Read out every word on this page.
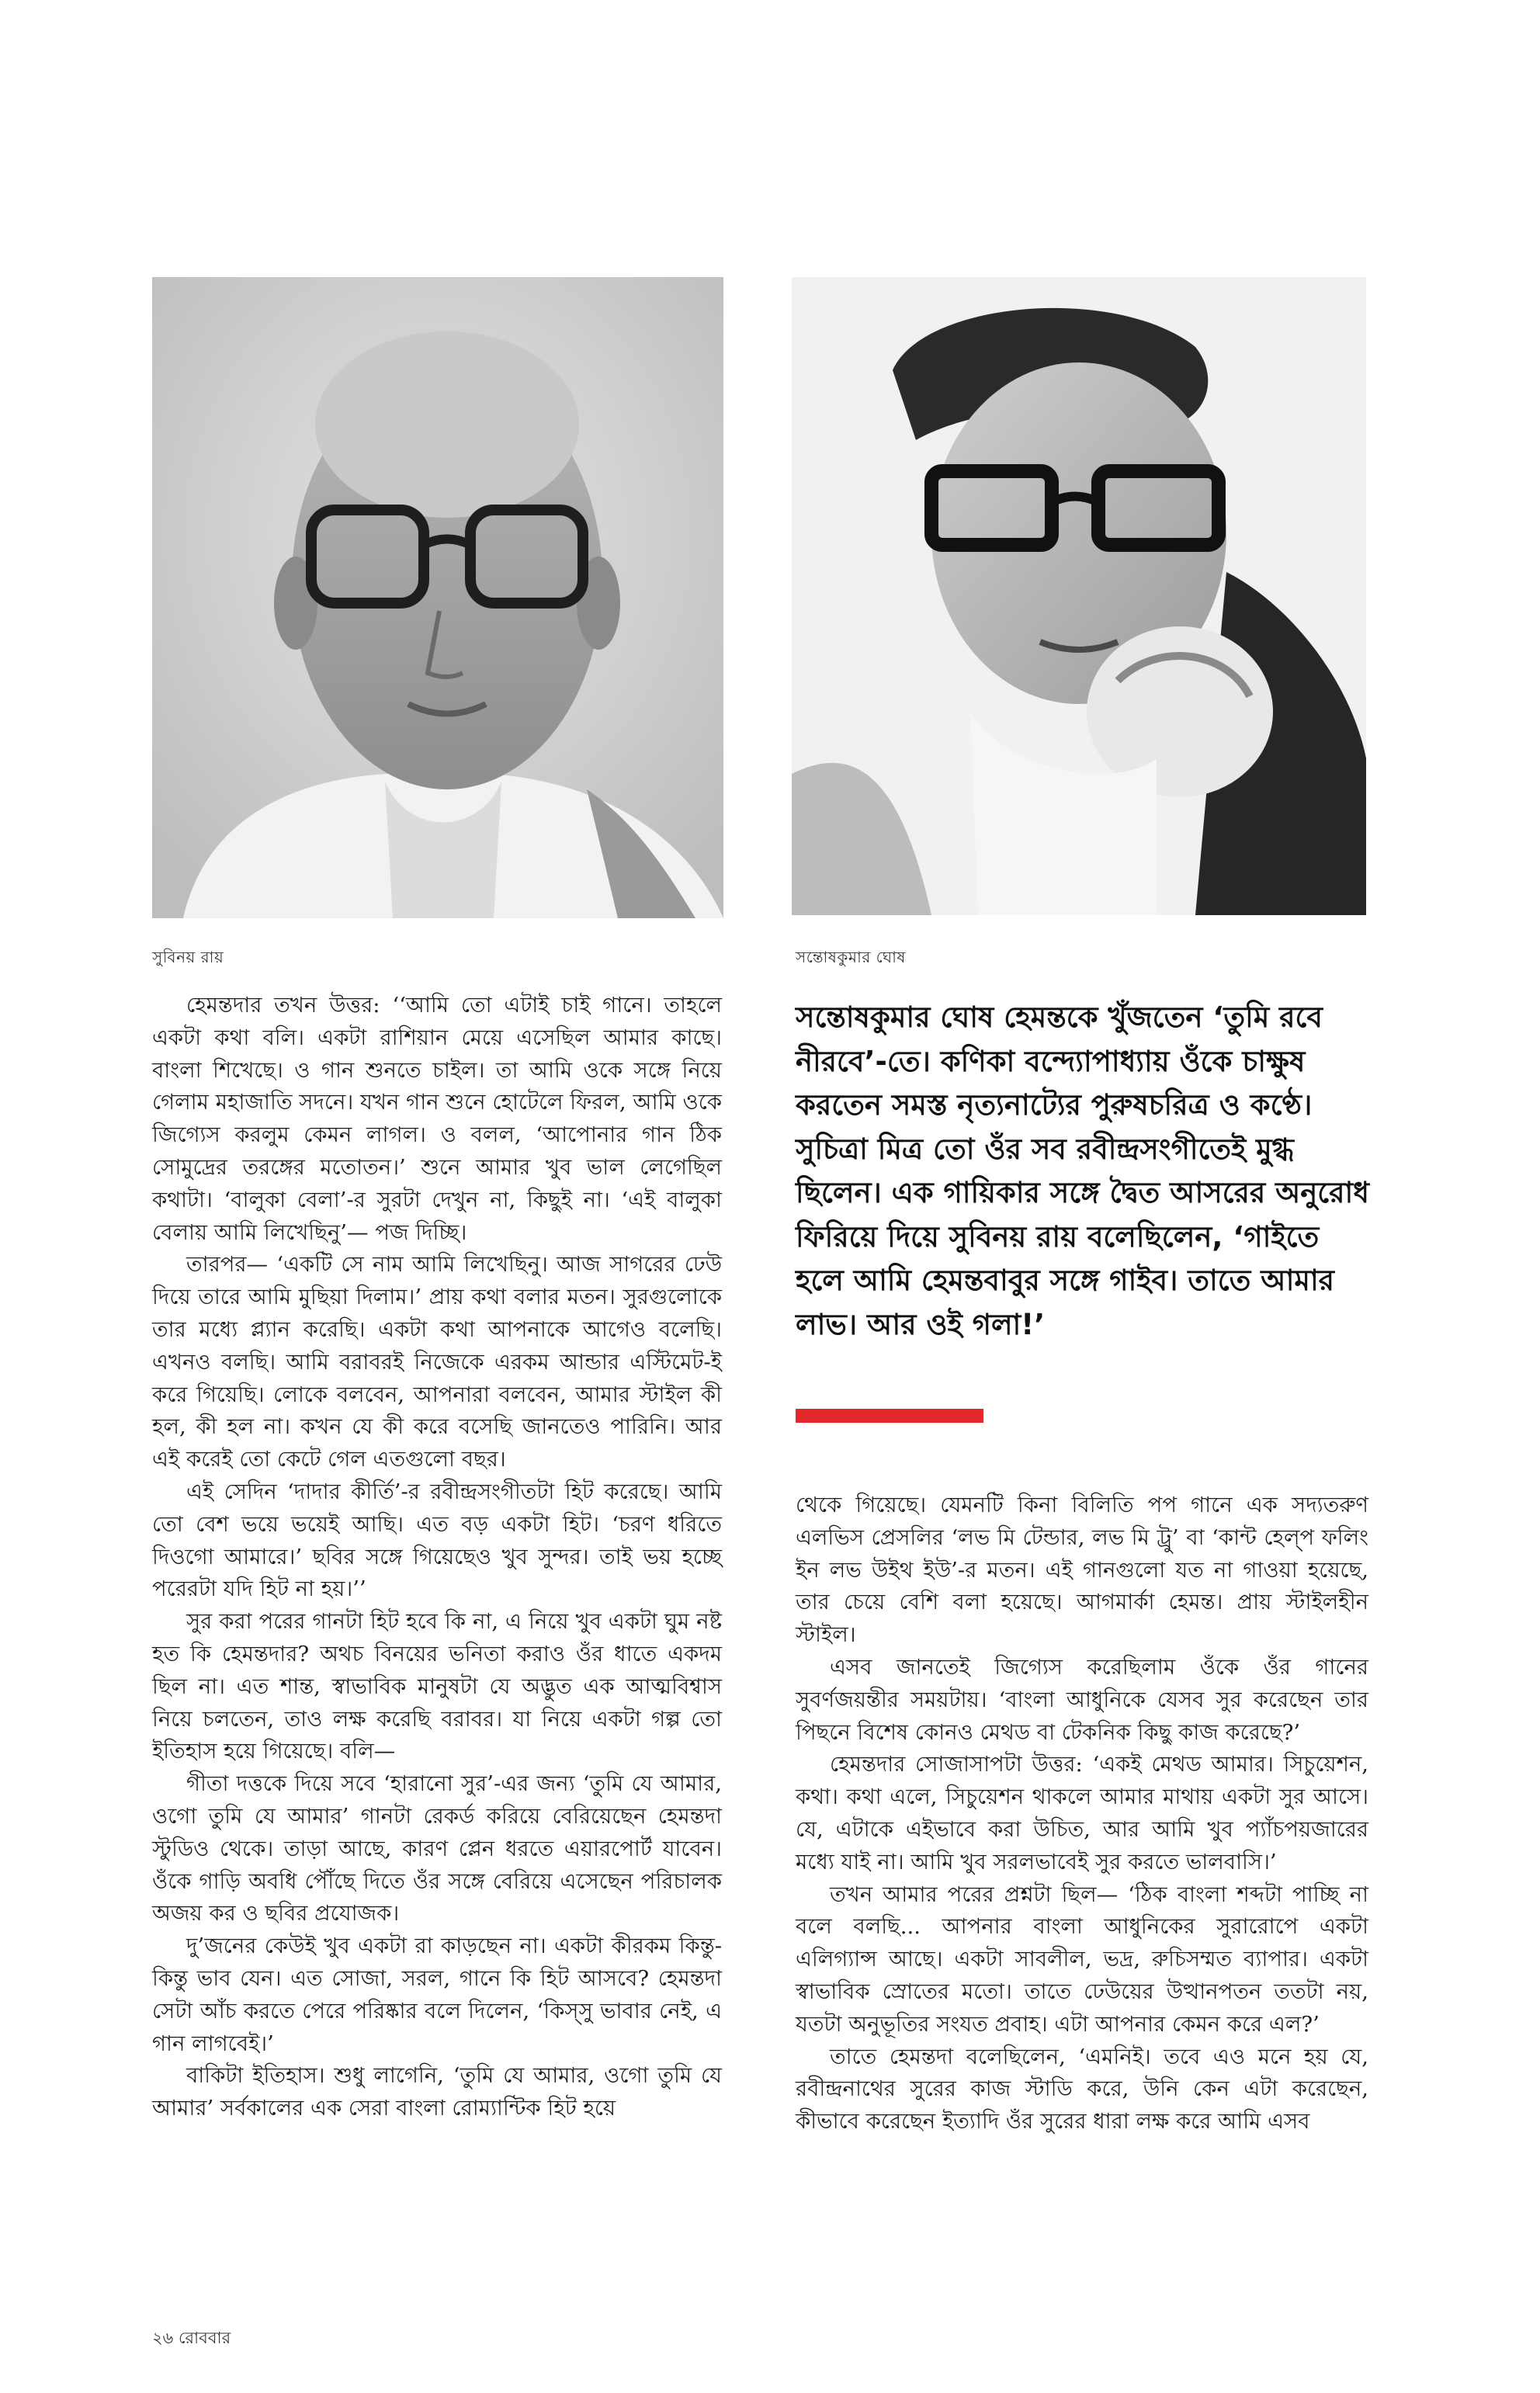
সুবিনয় রায়	সন্তোষকুমার ঘোষ

হেমন্তদার তখন উত্তর: ‘‘আমি তো এটাই চাই গানে। তাহলে একটা কথা বলি। একটা রাশিয়ান মেয়ে এসেছিল আমার কাছে। বাংলা শিখেছে। ও গান শুনতে চাইল। তা আমি ওকে সঙ্গে নিয়ে গেলাম মহাজাতি সদনে। যখন গান শুনে হোটেলে ফিরল, আমি ওকে জিগ্যেস করলুম কেমন লাগল। ও বলল, ‘আপোনার গান ঠিক সোমুদ্রের তরঙ্গের মতোতন।’ শুনে আমার খুব ভাল লেগেছিল কথাটা। ‘বালুকা বেলা’-র সুরটা দেখুন না, কিছুই না। ‘এই বালুকা বেলায় আমি লিখেছিনু’— পজ দিচ্ছি।

তারপর— ‘একটি সে নাম আমি লিখেছিনু। আজ সাগরের ঢেউ দিয়ে তারে আমি মুছিয়া দিলাম।’ প্রায় কথা বলার মতন। সুরগুলোকে তার মধ্যে প্ল্যান করেছি। একটা কথা আপনাকে আগেও বলেছি। এখনও বলছি। আমি বরাবরই নিজেকে এরকম আন্ডার এস্টিমেট-ই করে গিয়েছি। লোকে বলবেন, আপনারা বলবেন, আমার স্টাইল কী হল, কী হল না। কখন যে কী করে বসেছি জানতেও পারিনি। আর এই করেই তো কেটে গেল এতগুলো বছর।

এই সেদিন ‘দাদার কীর্তি’-র রবীন্দ্রসংগীতটা হিট করেছে। আমি তো বেশ ভয়ে ভয়েই আছি। এত বড় একটা হিট। ‘চরণ ধরিতে দিওগো আমারে।’ ছবির সঙ্গে গিয়েছেও খুব সুন্দর। তাই ভয় হচ্ছে পরেরটা যদি হিট না হয়।’’

সুর করা পরের গানটা হিট হবে কি না, এ নিয়ে খুব একটা ঘুম নষ্ট হত কি হেমন্তদার? অথচ বিনয়ের ভনিতা করাও ওঁর ধাতে একদম ছিল না। এত শান্ত, স্বাভাবিক মানুষটা যে অদ্ভুত এক আত্মবিশ্বাস নিয়ে চলতেন, তাও লক্ষ করেছি বরাবর। যা নিয়ে একটা গল্প তো ইতিহাস হয়ে গিয়েছে। বলি—

গীতা দত্তকে দিয়ে সবে ‘হারানো সুর’-এর জন্য ‘তুমি যে আমার, ওগো তুমি যে আমার’ গানটা রেকর্ড করিয়ে বেরিয়েছেন হেমন্তদা স্টুডিও থেকে। তাড়া আছে, কারণ প্লেন ধরতে এয়ারপোর্ট যাবেন। ওঁকে গাড়ি অবধি পৌঁছে দিতে ওঁর সঙ্গে বেরিয়ে এসেছেন পরিচালক অজয় কর ও ছবির প্রযোজক।

দু’জনের কেউই খুব একটা রা কাড়ছেন না। একটা কীরকম কিন্তু-কিন্তু ভাব যেন। এত সোজা, সরল, গানে কি হিট আসবে? হেমন্তদা সেটা আঁচ করতে পেরে পরিষ্কার বলে দিলেন, ‘কিস্‌সু ভাবার নেই, এ গান লাগবেই।’

বাকিটা ইতিহাস। শুধু লাগেনি, ‘তুমি যে আমার, ওগো তুমি যে আমার’ সর্বকালের এক সেরা বাংলা রোম্যান্টিক হিট হয়ে

সন্তোষকুমার ঘোষ হেমন্তকে খুঁজতেন ‘তুমি রবে নীরবে’-তে। কণিকা বন্দ্যোপাধ্যায় ওঁকে চাক্ষুষ করতেন সমস্ত নৃত্যনাট্যের পুরুষচরিত্র ও কণ্ঠে। সুচিত্রা মিত্র তো ওঁর সব রবীন্দ্রসংগীতেই মুগ্ধ ছিলেন। এক গায়িকার সঙ্গে দ্বৈত আসরের অনুরোধ ফিরিয়ে দিয়ে সুবিনয় রায় বলেছিলেন, ‘গাইতে হলে আমি হেমন্তবাবুর সঙ্গে গাইব। তাতে আমার লাভ। আর ওই গলা!’

থেকে গিয়েছে। যেমনটি কিনা বিলিতি পপ গানে এক সদ্যতরুণ এলভিস প্রেসলির ‘লভ মি টেন্ডার, লভ মি ট্রু’ বা ‘কান্ট হেল্‌প ফলিং ইন লভ উইথ ইউ’-র মতন। এই গানগুলো যত না গাওয়া হয়েছে, তার চেয়ে বেশি বলা হয়েছে। আগমার্কা হেমন্ত। প্রায় স্টাইলহীন স্টাইল।

এসব জানতেই জিগ্যেস করেছিলাম ওঁকে ওঁর গানের সুবর্ণজয়ন্তীর সময়টায়। ‘বাংলা আধুনিকে যেসব সুর করেছেন তার পিছনে বিশেষ কোনও মেথড বা টেকনিক কিছু কাজ করেছে?’

হেমন্তদার সোজাসাপটা উত্তর: ‘একই মেথড আমার। সিচুয়েশন, কথা। কথা এলে, সিচুয়েশন থাকলে আমার মাথায় একটা সুর আসে। যে, এটাকে এইভাবে করা উচিত, আর আমি খুব প্যাঁচপয়জারের মধ্যে যাই না। আমি খুব সরলভাবেই সুর করতে ভালবাসি।’

তখন আমার পরের প্রশ্নটা ছিল— ‘ঠিক বাংলা শব্দটা পাচ্ছি না বলে বলছি... আপনার বাংলা আধুনিকের সুরারোপে একটা এলিগ্যান্স আছে। একটা সাবলীল, ভদ্র, রুচিসম্মত ব্যাপার। একটা স্বাভাবিক স্রোতের মতো। তাতে ঢেউয়ের উত্থানপতন ততটা নয়, যতটা অনুভূতির সংযত প্রবাহ। এটা আপনার কেমন করে এল?’

তাতে হেমন্তদা বলেছিলেন, ‘এমনিই। তবে এও মনে হয় যে, রবীন্দ্রনাথের সুরের কাজ স্টাডি করে, উনি কেন এটা করেছেন, কীভাবে করেছেন ইত্যাদি ওঁর সুরের ধারা লক্ষ করে আমি এসব

২৬ রোববার
